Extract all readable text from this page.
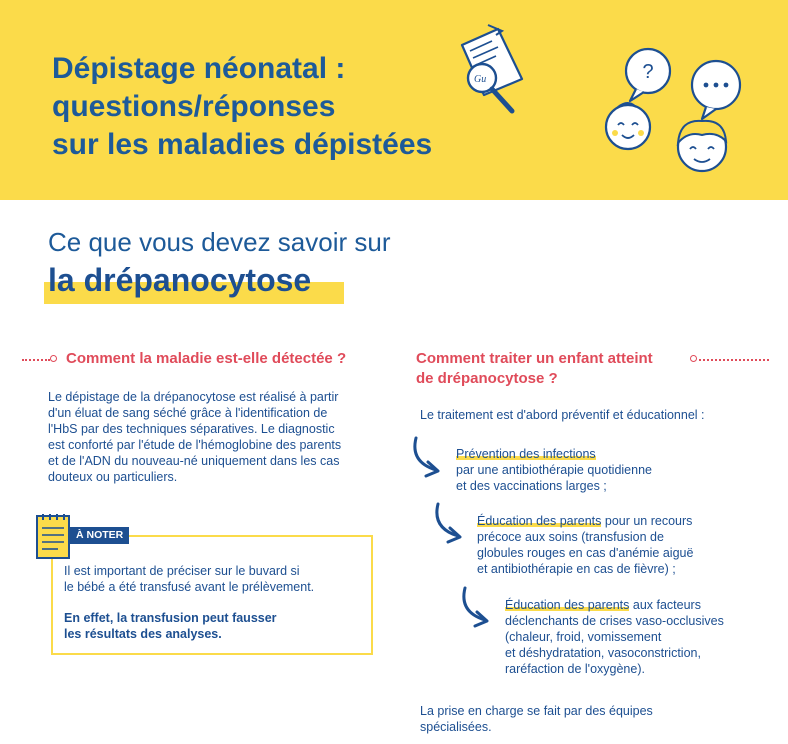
Dépistage néonatal :
questions/réponses
sur les maladies dépistées
Gu	?
Ce que vous devez savoir sur
la drépanocytose
Comment la maladie est-elle détectée ?
Le dépistage de la drépanocytose est réalisé à partir
d'un éluat de sang séché grâce à l'identification de
l'HbS par des techniques séparatives. Le diagnostic
est conforté par l'étude de l'hémoglobine des parents
et de l'ADN du nouveau-né uniquement dans les cas
douteux ou particuliers.
À NOTER
Il est important de préciser sur le buvard si
le bébé a été transfusé avant le prélèvement.
En effet, la transfusion peut fausser
les résultats des analyses.
Comment traiter un enfant atteint
de drépanocytose ?
Le traitement est d'abord préventif et éducationnel :
Prévention des infections
par une antibiothérapie quotidienne
et des vaccinations larges ;
Éducation des parents pour un recours
précoce aux soins (transfusion de
globules rouges en cas d'anémie aiguë
et antibiothérapie en cas de fièvre) ;
Éducation des parents aux facteurs
déclenchants de crises vaso-occlusives
(chaleur, froid, vomissement
et déshydratation, vasoconstriction,
raréfaction de l'oxygène).
La prise en charge se fait par des équipes
spécialisées.
